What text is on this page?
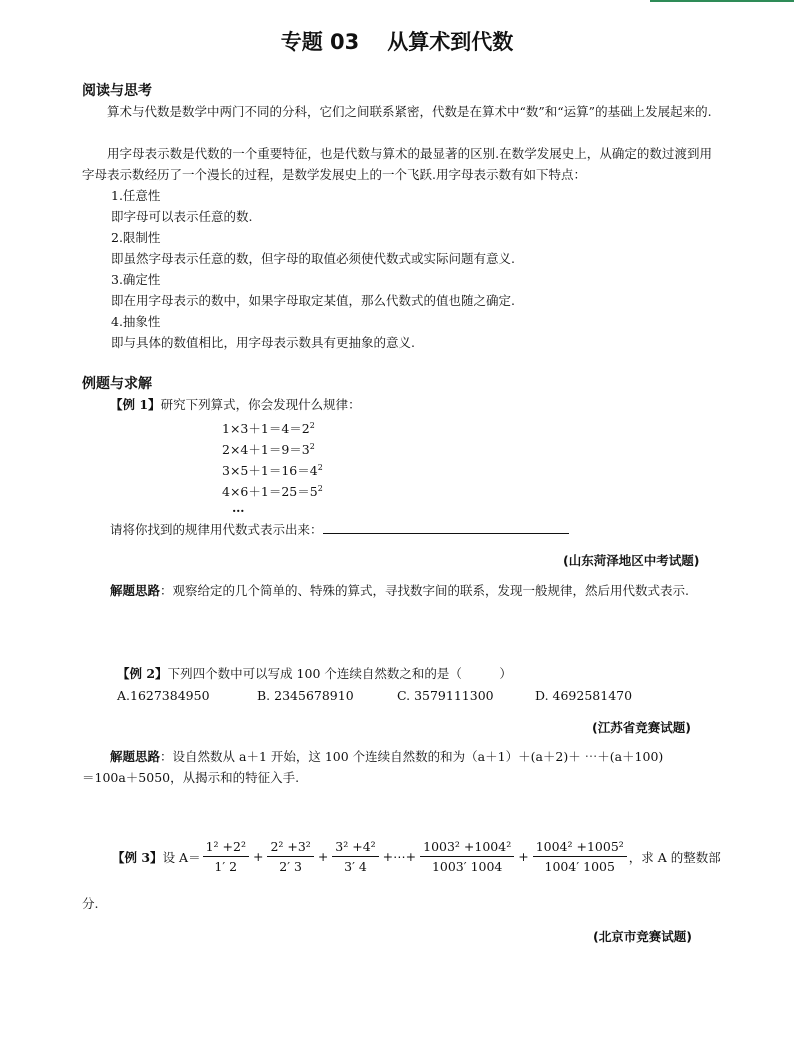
专题 03 从算术到代数
阅读与思考
算术与代数是数学中两门不同的分科，它们之间联系紧密，代数是在算术中“数”和“运算”的基础上发展起来的.
用字母表示数是代数的一个重要特征，也是代数与算术的最显著的区别.在数学发展史上，从确定的数过渡到用字母表示数经历了一个漫长的过程，是数学发展史上的一个飞跃.用字母表示数有如下特点：
1.任意性
即字母可以表示任意的数.
2.限制性
即虽然字母表示任意的数，但字母的取值必须使代数式或实际问题有意义.
3.确定性
即在用字母表示的数中，如果字母取定某值，那么代数式的值也随之确定.
4.抽象性
即与具体的数值相比，用字母表示数具有更抽象的意义.
例题与求解
【例 1】研究下列算式，你会发现什么规律：
$1\times 3+1=4=2^2$
$2\times 4+1=9=3^2$
$3\times 5+1=16=4^2$
$4\times 6+1=25=5^2$
…
请将你找到的规律用代数式表示出来：
(山东菏泽地区中考试题)
解题思路：观察给定的几个简单的、特殊的算式，寻找数字间的联系，发现一般规律，然后用代数式表示.
【例 2】下列四个数中可以写成 100 个连续自然数之和的是（　　　）
A.1627384950	B. 2345678910	C. 3579111300	D. 4692581470
(江苏省竞赛试题)
解题思路：设自然数从 a＋1 开始，这 100 个连续自然数的和为（a＋1）＋(a＋2)＋ ⋯＋(a＋100)
＝100a＋5050，从揭示和的特征入手.
【例 3】 设 $A= \frac{\text{1² +2²}}{1' 2} + \frac{\text{2² +3²}}{2' 3} + \frac{\text{3² +4²}}{3' 4}$ +⋯+ $\frac{\text{1003² +1004²}}{1003' 1004} + \frac{\text{1004² +1005²}}{1004' 1005}$ ，求 A 的整数部
分.
(北京市竞赛试题)
